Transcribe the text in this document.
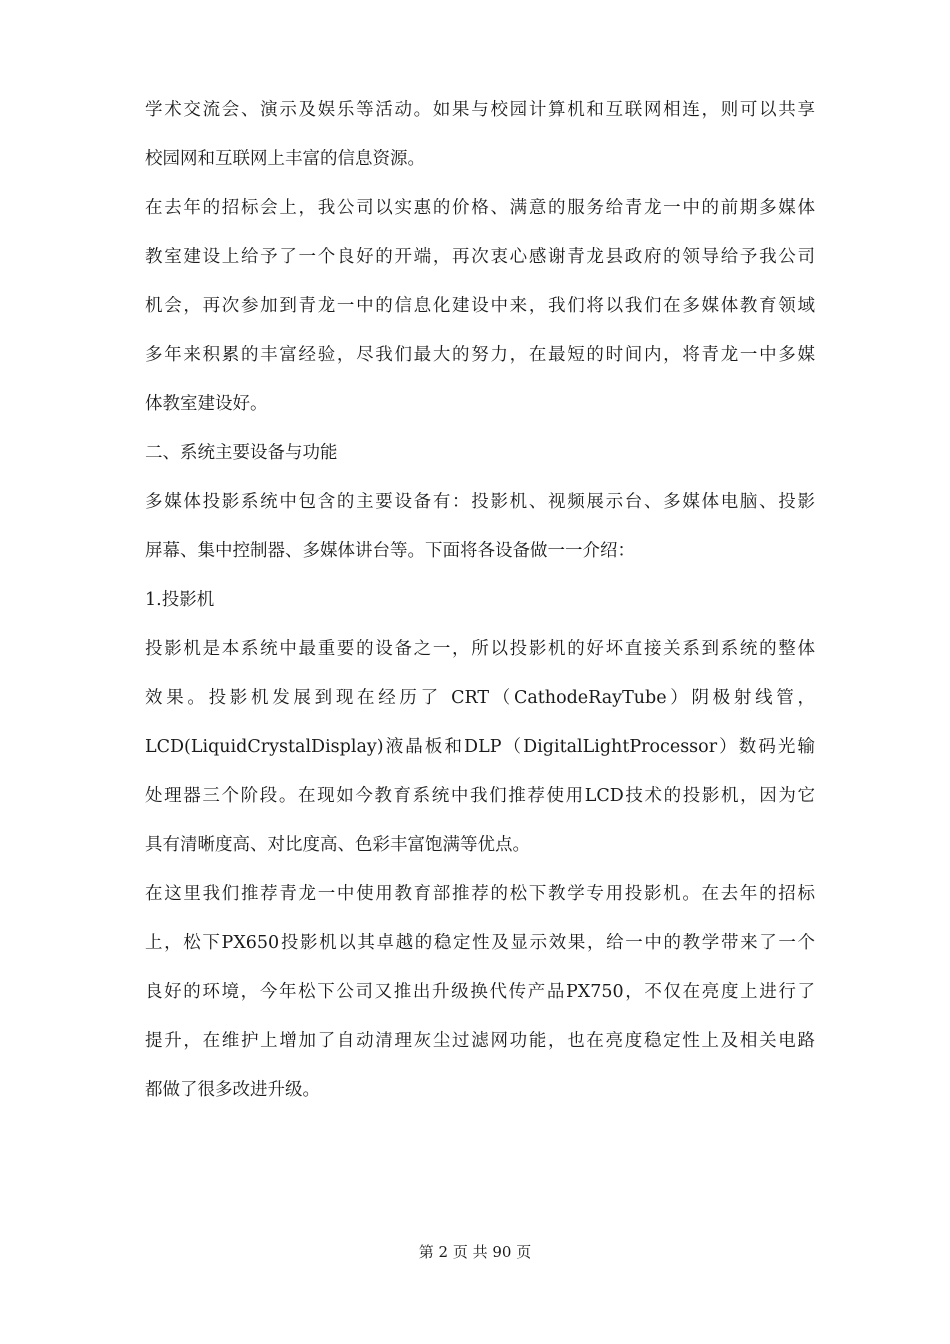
学术交流会、演示及娱乐等活动。如果与校园计算机和互联网相连，则可以共享
校园网和互联网上丰富的信息资源。
在去年的招标会上，我公司以实惠的价格、满意的服务给青龙一中的前期多媒体
教室建设上给予了一个良好的开端，再次衷心感谢青龙县政府的领导给予我公司
机会，再次参加到青龙一中的信息化建设中来，我们将以我们在多媒体教育领域
多年来积累的丰富经验，尽我们最大的努力，在最短的时间内，将青龙一中多媒
体教室建设好。
二、系统主要设备与功能
多媒体投影系统中包含的主要设备有：投影机、视频展示台、多媒体电脑、投影
屏幕、集中控制器、多媒体讲台等。下面将各设备做一一介绍：
1.投影机
投影机是本系统中最重要的设备之一，所以投影机的好坏直接关系到系统的整体
效果。投影机发展到现在经历了 CRT（CathodeRayTube）阴极射线管，
LCD(LiquidCrystalDisplay)液晶板和DLP（DigitalLightProcessor）数码光输
处理器三个阶段。在现如今教育系统中我们推荐使用LCD技术的投影机，因为它
具有清晰度高、对比度高、色彩丰富饱满等优点。
在这里我们推荐青龙一中使用教育部推荐的松下教学专用投影机。在去年的招标
上，松下PX650投影机以其卓越的稳定性及显示效果，给一中的教学带来了一个
良好的环境，今年松下公司又推出升级换代传产品PX750，不仅在亮度上进行了
提升，在维护上增加了自动清理灰尘过滤网功能，也在亮度稳定性上及相关电路
都做了很多改进升级。
第 2 页 共 90 页
